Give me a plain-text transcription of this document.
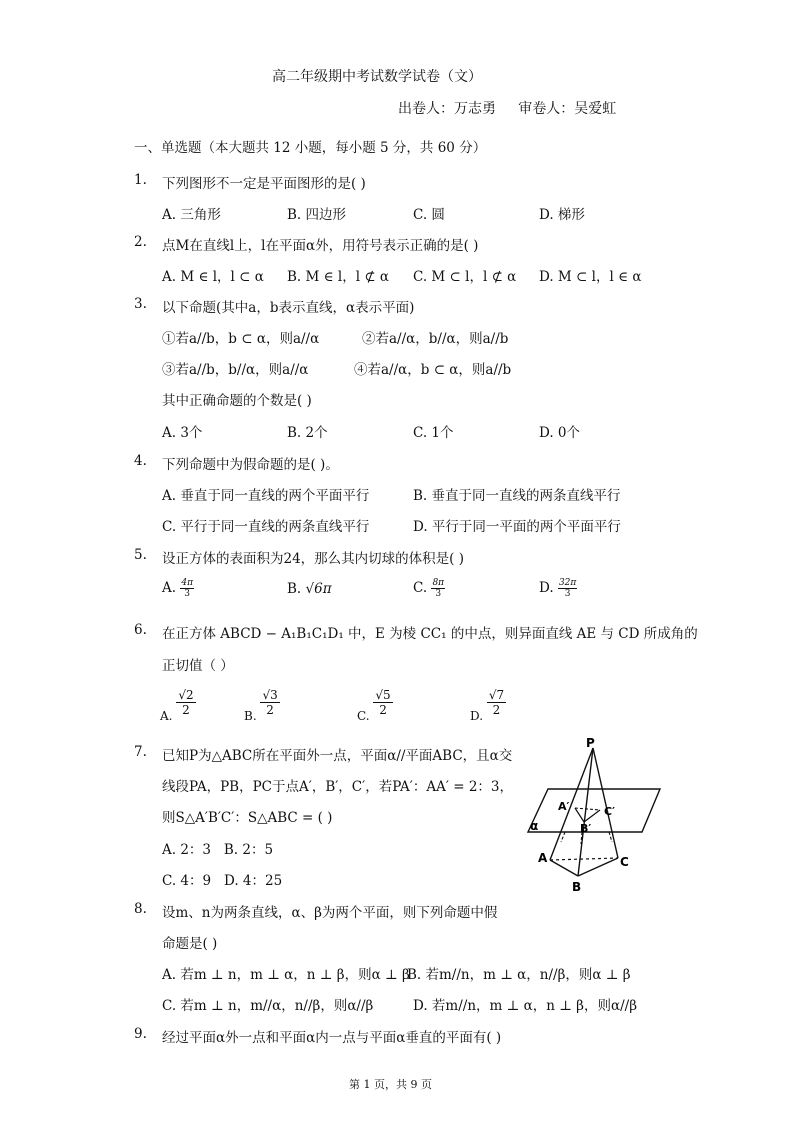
高二年级期中考试数学试卷（文）
出卷人：万志勇     审卷人：吴爱虹
一、单选题（本大题共 12 小题，每小题 5 分，共 60 分）
1. 下列图形不一定是平面图形的是( )
A. 三角形	B. 四边形	C. 圆	D. 梯形
2. 点M在直线l上，l在平面α外，用符号表示正确的是( )
A. M ∈ l，l ⊂ α B. M ∈ l，l ⊄ α C. M ⊂ l，l ⊄ α D. M ⊂ l，l ∈ α
3. 以下命题(其中a，b表示直线，α表示平面)
①若a//b，b ⊂ α，则a//α	②若a//α，b//α，则a//b
③若a//b，b//α，则a//α	④若a//α，b ⊂ α，则a//b
其中正确命题的个数是( )
A. 3个	B. 2个	C. 1个	D. 0个
4. 下列命题中为假命题的是( )。
A. 垂直于同一直线的两个平面平行	B. 垂直于同一直线的两条直线平行
C. 平行于同一直线的两条直线平行	D. 平行于同一平面的两个平面平行
5. 设正方体的表面积为24，那么其内切球的体积是( )
A. $\frac{4\pi}{3}$	B. √6π	C. $\frac{8\pi}{3}$	D. $\frac{32\pi}{3}$
6. 在正方体 ABCD − A₁B₁C₁D₁ 中，E 为棱 CC₁ 的中点，则异面直线 AE 与 CD 所成角的
正切值（ ）
A. $\frac{√2}{2}$	B. $\frac{√3}{2}$	C. $\frac{√5}{2}$	D. $\frac{√7}{2}$
7. 已知P为△ABC所在平面外一点，平面α//平面ABC，且α交
线段PA，PB，PC于点A′，B′，C′，若PA′：AA′ = 2：3，
则S△A′B′C′：S△ABC = ( )
A. 2：3   B. 2：5
C. 4：9   D. 4：25
P
A′
B′
C′
α
A
B
C
8. 设m、n为两条直线，α、β为两个平面，则下列命题中假
命题是( )
A. 若m ⊥ n，m ⊥ α，n ⊥ β，则α ⊥ β
B. 若m//n，m ⊥ α，n//β，则α ⊥ β
C. 若m ⊥ n，m//α，n//β，则α//β	D. 若m//n，m ⊥ α，n ⊥ β，则α//β
9. 经过平面α外一点和平面α内一点与平面α垂直的平面有( )
第 1 页，共 9 页
